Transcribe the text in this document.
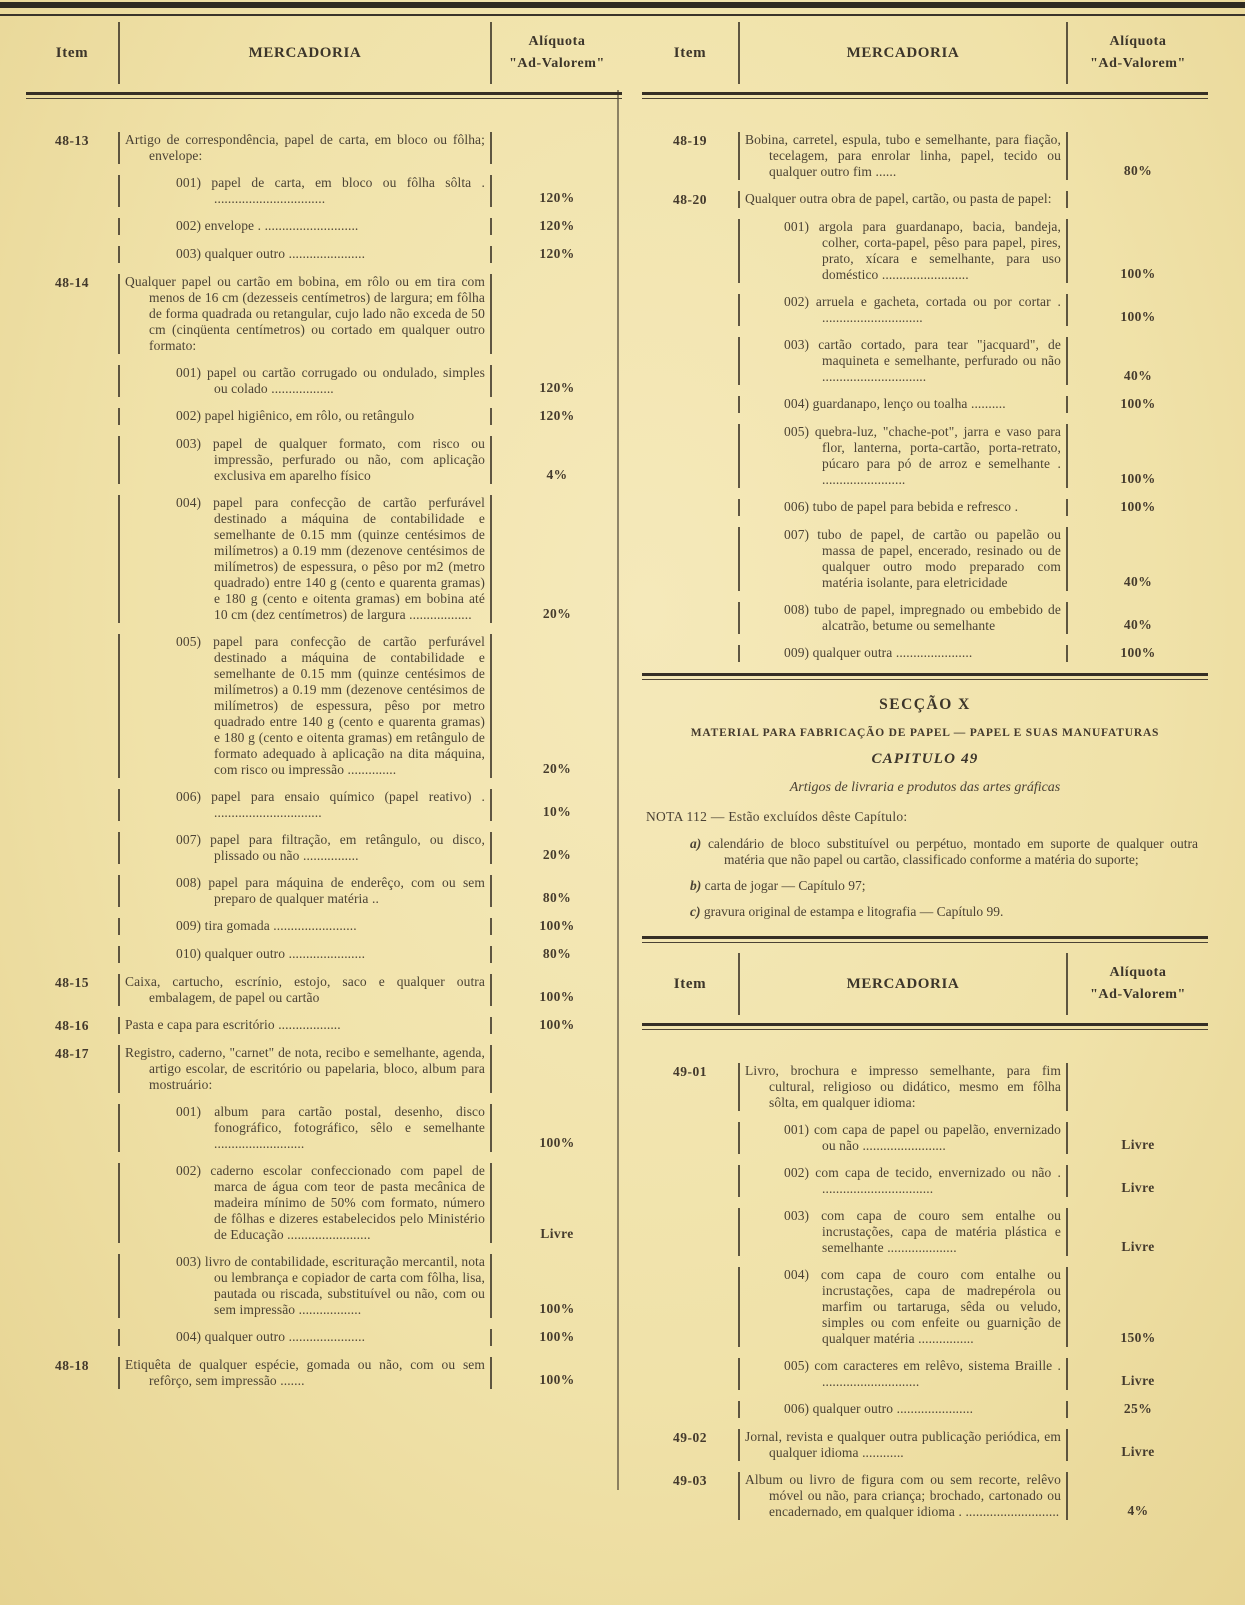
Item	MERCADORIA
Alíquota
"Ad-Valorem"
48-13	Artigo de correspondência, papel de carta, em bloco ou fôlha; envelope:
001) papel de carta, em bloco ou fôlha sôlta . ................................	120%
002) envelope . ...........................	120%
003) qualquer outro ......................	120%
48-14	Qualquer papel ou cartão em bobina, em rôlo ou em tira com menos de 16 cm (dezesseis centímetros) de largura; em fôlha de forma quadrada ou retangular, cujo lado não exceda de 50 cm (cinqüenta centímetros) ou cortado em qualquer outro formato:
001) papel ou cartão corrugado ou ondulado, simples ou colado ..................	120%
002) papel higiênico, em rôlo, ou retângulo	120%
003) papel de qualquer formato, com risco ou impressão, perfurado ou não, com aplicação exclusiva em aparelho físico	4%
004) papel para confecção de cartão perfurável destinado a máquina de contabilidade e semelhante de 0.15 mm (quinze centésimos de milímetros) a 0.19 mm (dezenove centésimos de milímetros) de espessura, o pêso por m2 (metro quadrado) entre 140 g (cento e quarenta gramas) e 180 g (cento e oitenta gramas) em bobina até 10 cm (dez centímetros) de largura ..................	20%
005) papel para confecção de cartão perfurável destinado a máquina de contabilidade e semelhante de 0.15 mm (quinze centésimos de milímetros) a 0.19 mm (dezenove centésimos de milímetros) de espessura, pêso por metro quadrado entre 140 g (cento e quarenta gramas) e 180 g (cento e oitenta gramas) em retângulo de formato adequado à aplicação na dita máquina, com risco ou impressão ..............	20%
006) papel para ensaio químico (papel reativo) . ...............................	10%
007) papel para filtração, em retângulo, ou disco, plissado ou não ................	20%
008) papel para máquina de enderêço, com ou sem preparo de qualquer matéria ..	80%
009) tira gomada ........................	100%
010) qualquer outro ......................	80%
48-15	Caixa, cartucho, escrínio, estojo, saco e qualquer outra embalagem, de papel ou cartão	100%
48-16	Pasta e capa para escritório ..................	100%
48-17	Registro, caderno, "carnet" de nota, recibo e semelhante, agenda, artigo escolar, de escritório ou papelaria, bloco, album para mostruário:
001) album para cartão postal, desenho, disco fonográfico, fotográfico, sêlo e semelhante ..........................	100%
002) caderno escolar confeccionado com papel de marca de água com teor de pasta mecânica de madeira mínimo de 50% com formato, número de fôlhas e dizeres estabelecidos pelo Ministério de Educação ........................	Livre
003) livro de contabilidade, escrituração mercantil, nota ou lembrança e copiador de carta com fôlha, lisa, pautada ou riscada, substituível ou não, com ou sem impressão ..................	100%
004) qualquer outro ......................	100%
48-18	Etiquêta de qualquer espécie, gomada ou não, com ou sem refôrço, sem impressão .......	100%
Item	MERCADORIA
Alíquota
"Ad-Valorem"
48-19	Bobina, carretel, espula, tubo e semelhante, para fiação, tecelagem, para enrolar linha, papel, tecido ou qualquer outro fim ......	80%
48-20	Qualquer outra obra de papel, cartão, ou pasta de papel:
001) argola para guardanapo, bacia, bandeja, colher, corta-papel, pêso para papel, pires, prato, xícara e semelhante, para uso doméstico .........................	100%
002) arruela e gacheta, cortada ou por cortar . .............................	100%
003) cartão cortado, para tear "jacquard", de maquineta e semelhante, perfurado ou não ..............................	40%
004) guardanapo, lenço ou toalha ..........	100%
005) quebra-luz, "chache-pot", jarra e vaso para flor, lanterna, porta-cartão, porta-retrato, púcaro para pó de arroz e semelhante . ........................	100%
006) tubo de papel para bebida e refresco .	100%
007) tubo de papel, de cartão ou papelão ou massa de papel, encerado, resinado ou de qualquer outro modo preparado com matéria isolante, para eletricidade	40%
008) tubo de papel, impregnado ou embebido de alcatrão, betume ou semelhante	40%
009) qualquer outra ......................	100%
SECÇÃO X
MATERIAL PARA FABRICAÇÃO DE PAPEL — PAPEL E SUAS MANUFATURAS
CAPITULO 49
Artigos de livraria e produtos das artes gráficas
NOTA 112 — Estão excluídos dêste Capítulo:
a) calendário de bloco substituível ou perpétuo, montado em suporte de qualquer outra matéria que não papel ou cartão, classificado conforme a matéria do suporte;
b) carta de jogar — Capítulo 97;
c) gravura original de estampa e litografia — Capítulo 99.
Item	MERCADORIA
Alíquota
"Ad-Valorem"
49-01	Livro, brochura e impresso semelhante, para fim cultural, religioso ou didático, mesmo em fôlha sôlta, em qualquer idioma:
001) com capa de papel ou papelão, envernizado ou não ........................	Livre
002) com capa de tecido, envernizado ou não . ................................	Livre
003) com capa de couro sem entalhe ou incrustações, capa de matéria plástica e semelhante ....................	Livre
004) com capa de couro com entalhe ou incrustações, capa de madrepérola ou marfim ou tartaruga, sêda ou veludo, simples ou com enfeite ou guarnição de qualquer matéria ................	150%
005) com caracteres em relêvo, sistema Braille . ............................	Livre
006) qualquer outro ......................	25%
49-02	Jornal, revista e qualquer outra publicação periódica, em qualquer idioma ............	Livre
49-03	Album ou livro de figura com ou sem recorte, relêvo móvel ou não, para criança; brochado, cartonado ou encadernado, em qualquer idioma . ...........................	4%
